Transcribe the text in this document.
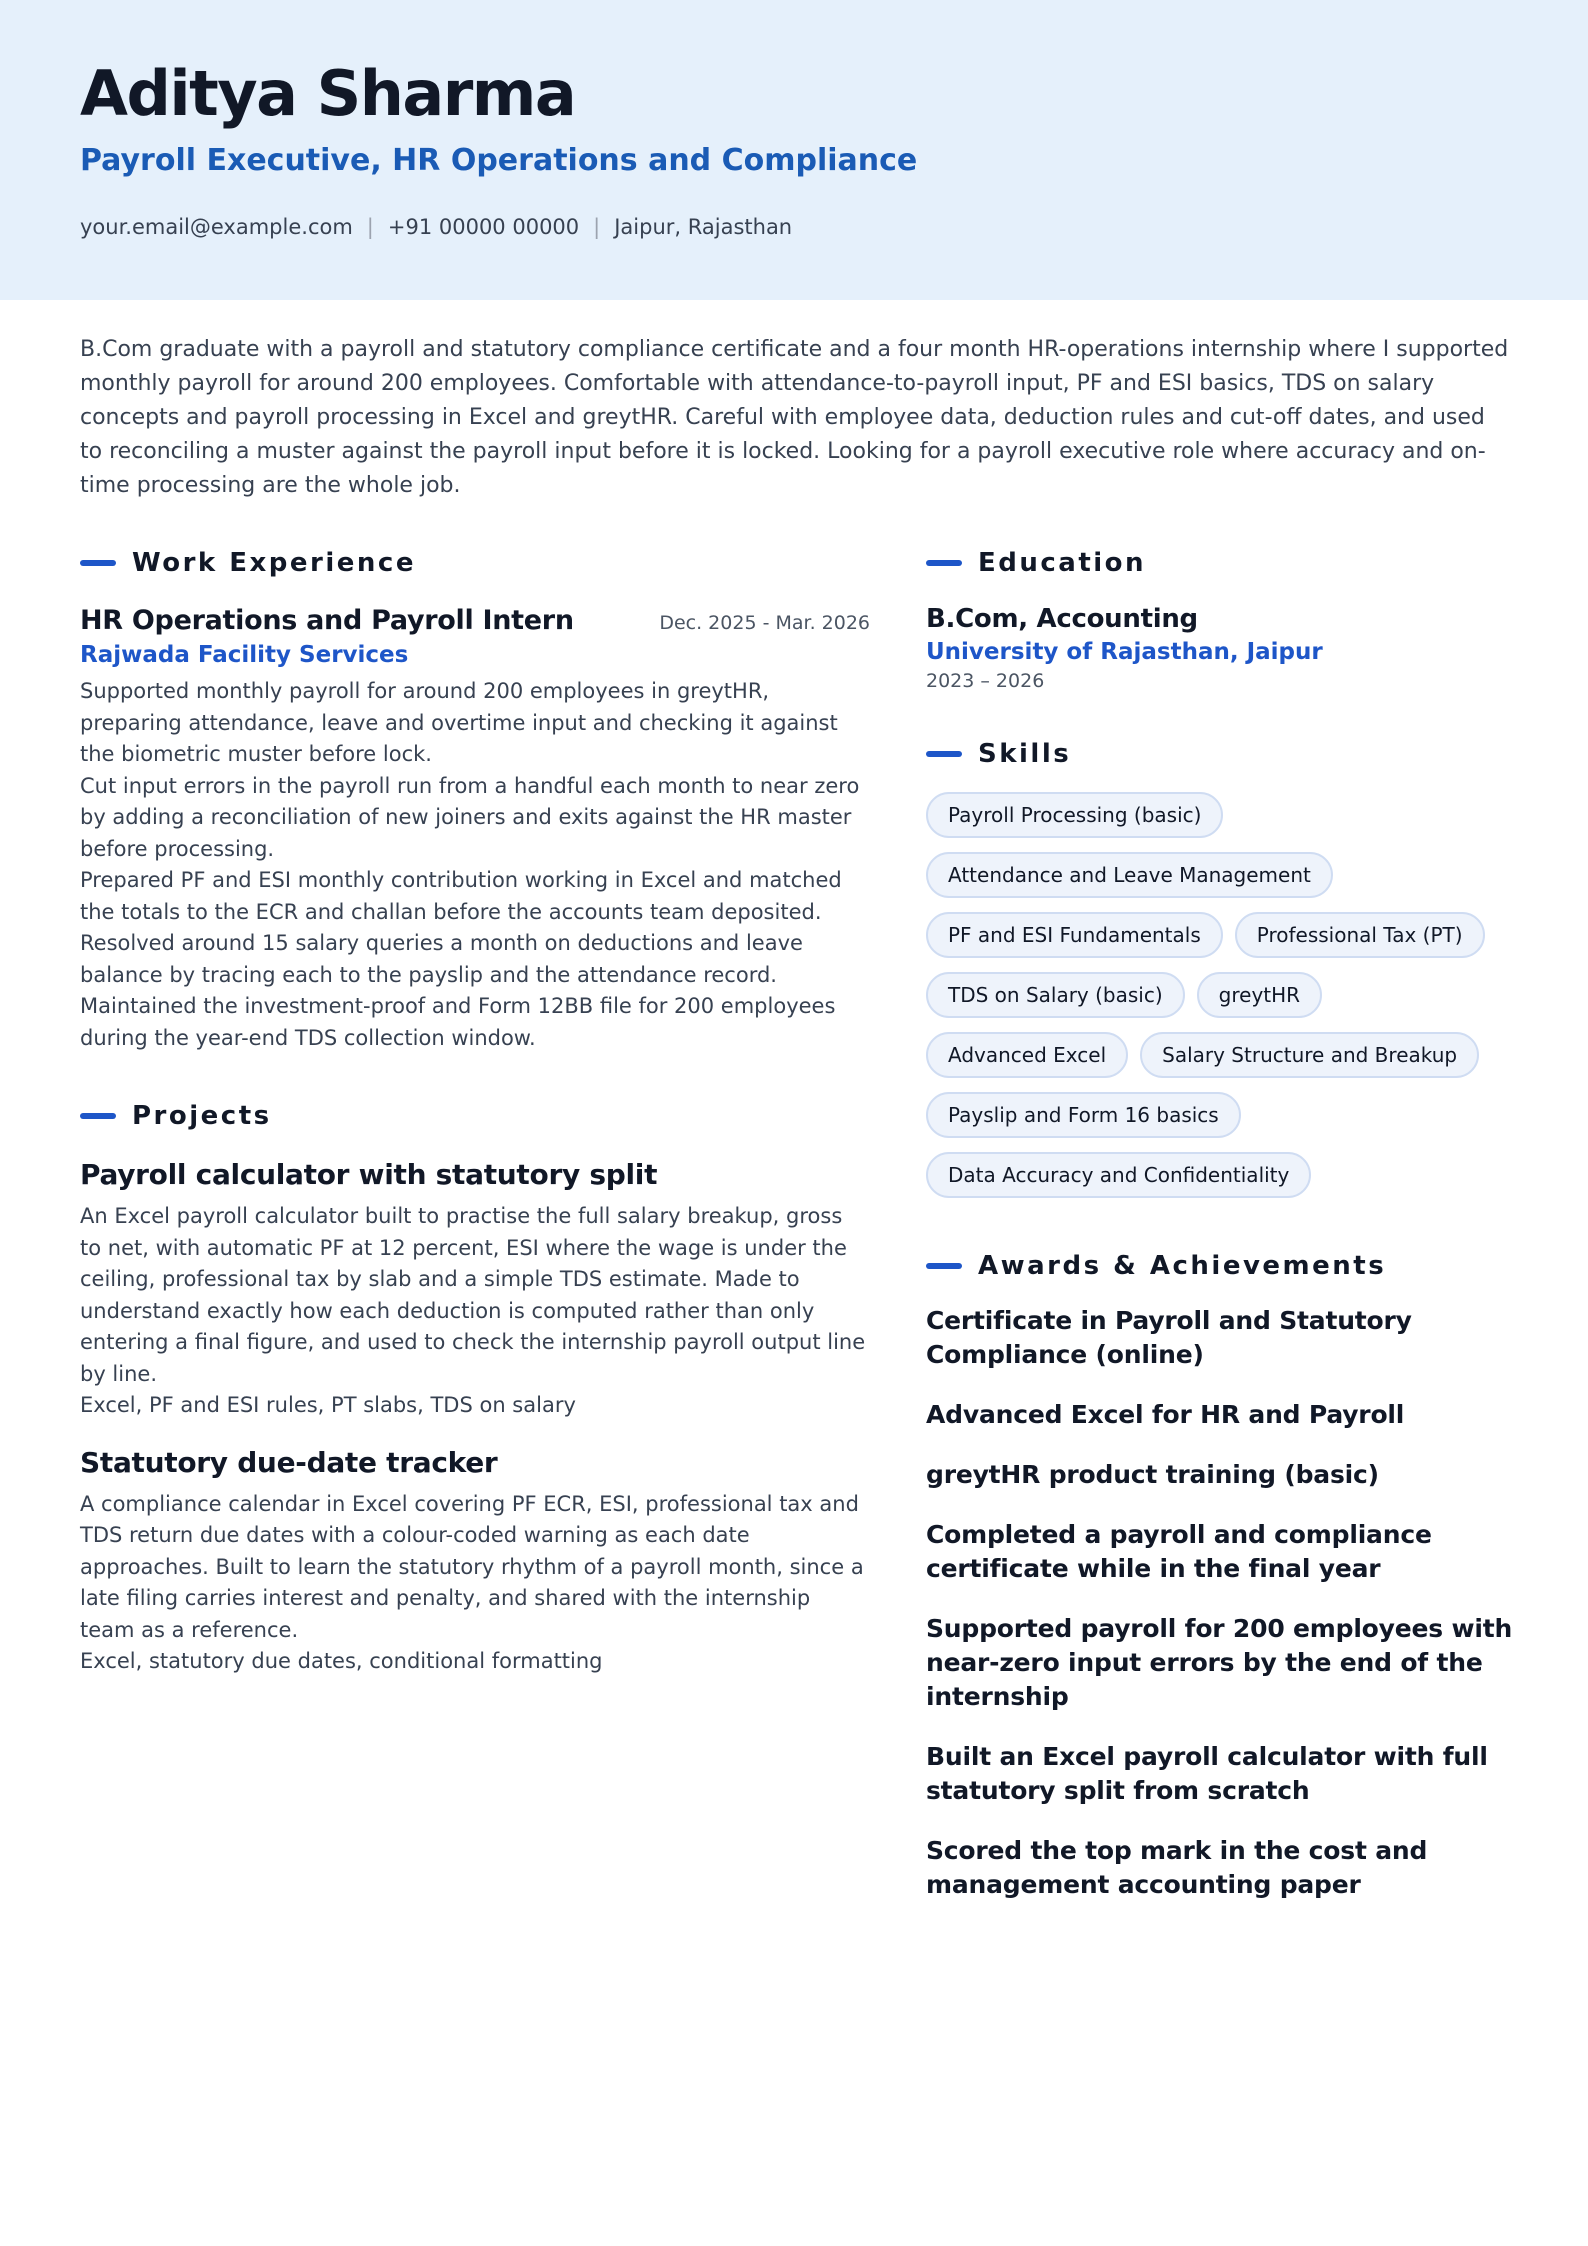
Aditya Sharma
Payroll Executive, HR Operations and Compliance
your.email@example.com | +91 00000 00000 | Jaipur, Rajasthan
B.Com graduate with a payroll and statutory compliance certificate and a four month HR-operations internship where I supported monthly payroll for around 200 employees. Comfortable with attendance-to-payroll input, PF and ESI basics, TDS on salary concepts and payroll processing in Excel and greytHR. Careful with employee data, deduction rules and cut-off dates, and used to reconciling a muster against the payroll input before it is locked. Looking for a payroll executive role where accuracy and on-time processing are the whole job.
Work Experience
HR Operations and Payroll Intern	Dec. 2025 - Mar. 2026
Rajwada Facility Services
Supported monthly payroll for around 200 employees in greytHR, preparing attendance, leave and overtime input and checking it against the biometric muster before lock.
Cut input errors in the payroll run from a handful each month to near zero by adding a reconciliation of new joiners and exits against the HR master before processing.
Prepared PF and ESI monthly contribution working in Excel and matched the totals to the ECR and challan before the accounts team deposited.
Resolved around 15 salary queries a month on deductions and leave balance by tracing each to the payslip and the attendance record.
Maintained the investment-proof and Form 12BB file for 200 employees during the year-end TDS collection window.
Projects
Payroll calculator with statutory split
An Excel payroll calculator built to practise the full salary breakup, gross to net, with automatic PF at 12 percent, ESI where the wage is under the ceiling, professional tax by slab and a simple TDS estimate. Made to understand exactly how each deduction is computed rather than only entering a final figure, and used to check the internship payroll output line by line.
Excel, PF and ESI rules, PT slabs, TDS on salary
Statutory due-date tracker
A compliance calendar in Excel covering PF ECR, ESI, professional tax and TDS return due dates with a colour-coded warning as each date approaches. Built to learn the statutory rhythm of a payroll month, since a late filing carries interest and penalty, and shared with the internship team as a reference.
Excel, statutory due dates, conditional formatting
Education
B.Com, Accounting
University of Rajasthan, Jaipur
2023 – 2026
Skills
Payroll Processing (basic)
Attendance and Leave Management
PF and ESI Fundamentals	Professional Tax (PT)
TDS on Salary (basic)	greytHR
Advanced Excel	Salary Structure and Breakup
Payslip and Form 16 basics
Data Accuracy and Confidentiality
Awards & Achievements
Certificate in Payroll and Statutory Compliance (online)
Advanced Excel for HR and Payroll
greytHR product training (basic)
Completed a payroll and compliance certificate while in the final year
Supported payroll for 200 employees with near-zero input errors by the end of the internship
Built an Excel payroll calculator with full statutory split from scratch
Scored the top mark in the cost and management accounting paper
